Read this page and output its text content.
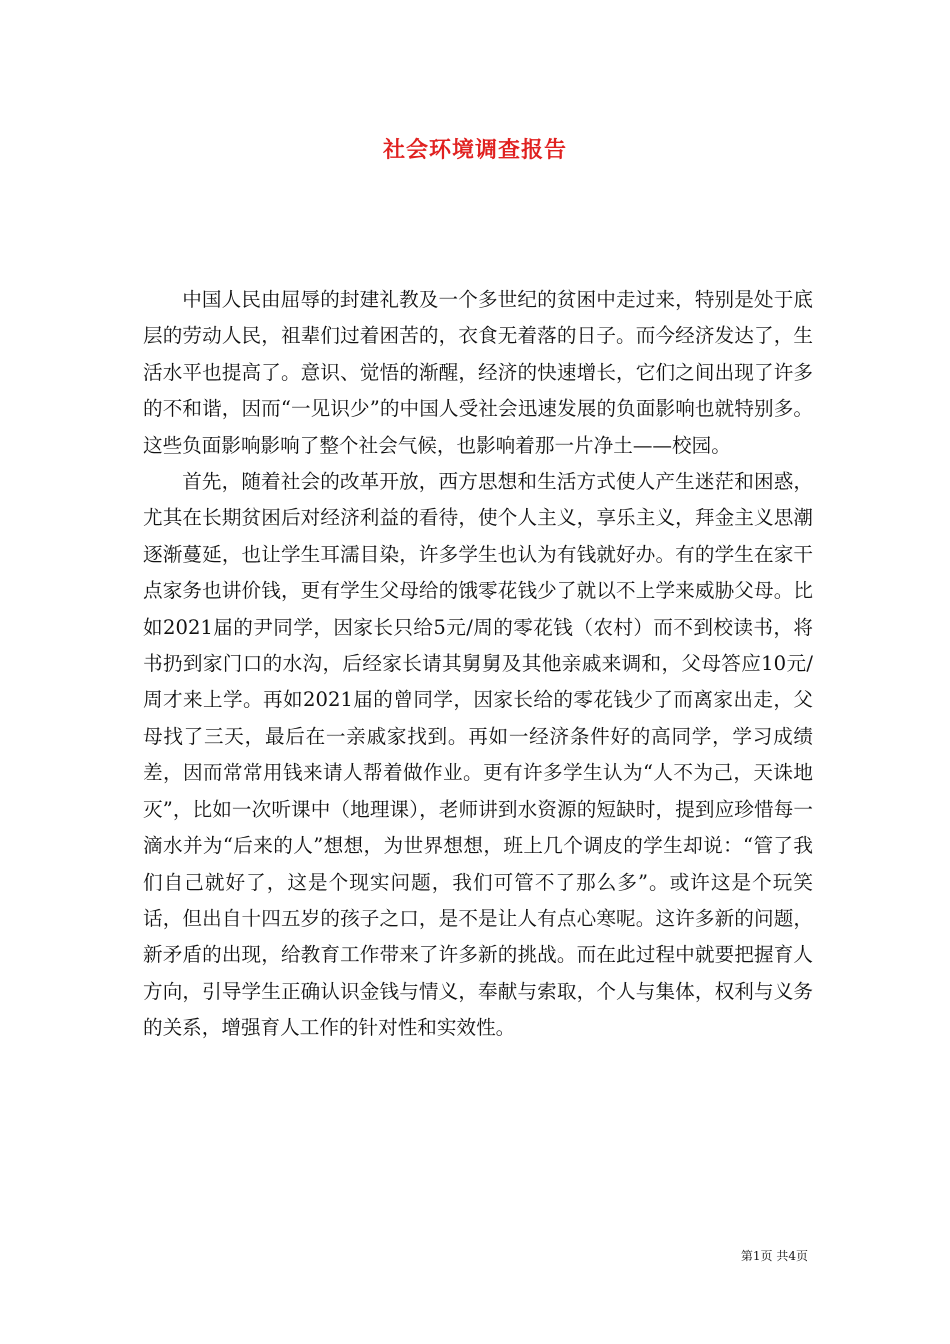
社会环境调查报告

中国人民由屈辱的封建礼教及一个多世纪的贫困中走过来，特别是处于底层的劳动人民，祖辈们过着困苦的，衣食无着落的日子。而今经济发达了，生活水平也提高了。意识、觉悟的渐醒，经济的快速增长，它们之间出现了许多的不和谐，因而“一见识少”的中国人受社会迅速发展的负面影响也就特别多。这些负面影响影响了整个社会气候，也影响着那一片净土——校园。

首先，随着社会的改革开放，西方思想和生活方式使人产生迷茫和困惑，尤其在长期贫困后对经济利益的看待，使个人主义，享乐主义，拜金主义思潮逐渐蔓延，也让学生耳濡目染，许多学生也认为有钱就好办。有的学生在家干点家务也讲价钱，更有学生父母给的饿零花钱少了就以不上学来威胁父母。比如2021届的尹同学，因家长只给5元/周的零花钱（农村）而不到校读书，将书扔到家门口的水沟，后经家长请其舅舅及其他亲戚来调和，父母答应10元/周才来上学。再如2021届的曾同学，因家长给的零花钱少了而离家出走，父母找了三天，最后在一亲戚家找到。再如一经济条件好的高同学，学习成绩差，因而常常用钱来请人帮着做作业。更有许多学生认为“人不为己，天诛地灭”，比如一次听课中（地理课），老师讲到水资源的短缺时，提到应珍惜每一滴水并为“后来的人”想想，为世界想想，班上几个调皮的学生却说：“管了我们自己就好了，这是个现实问题，我们可管不了那么多”。或许这是个玩笑话，但出自十四五岁的孩子之口，是不是让人有点心寒呢。这许多新的问题，新矛盾的出现，给教育工作带来了许多新的挑战。而在此过程中就要把握育人方向，引导学生正确认识金钱与情义，奉献与索取，个人与集体，权利与义务的关系，增强育人工作的针对性和实效性。

第1页 共4页
